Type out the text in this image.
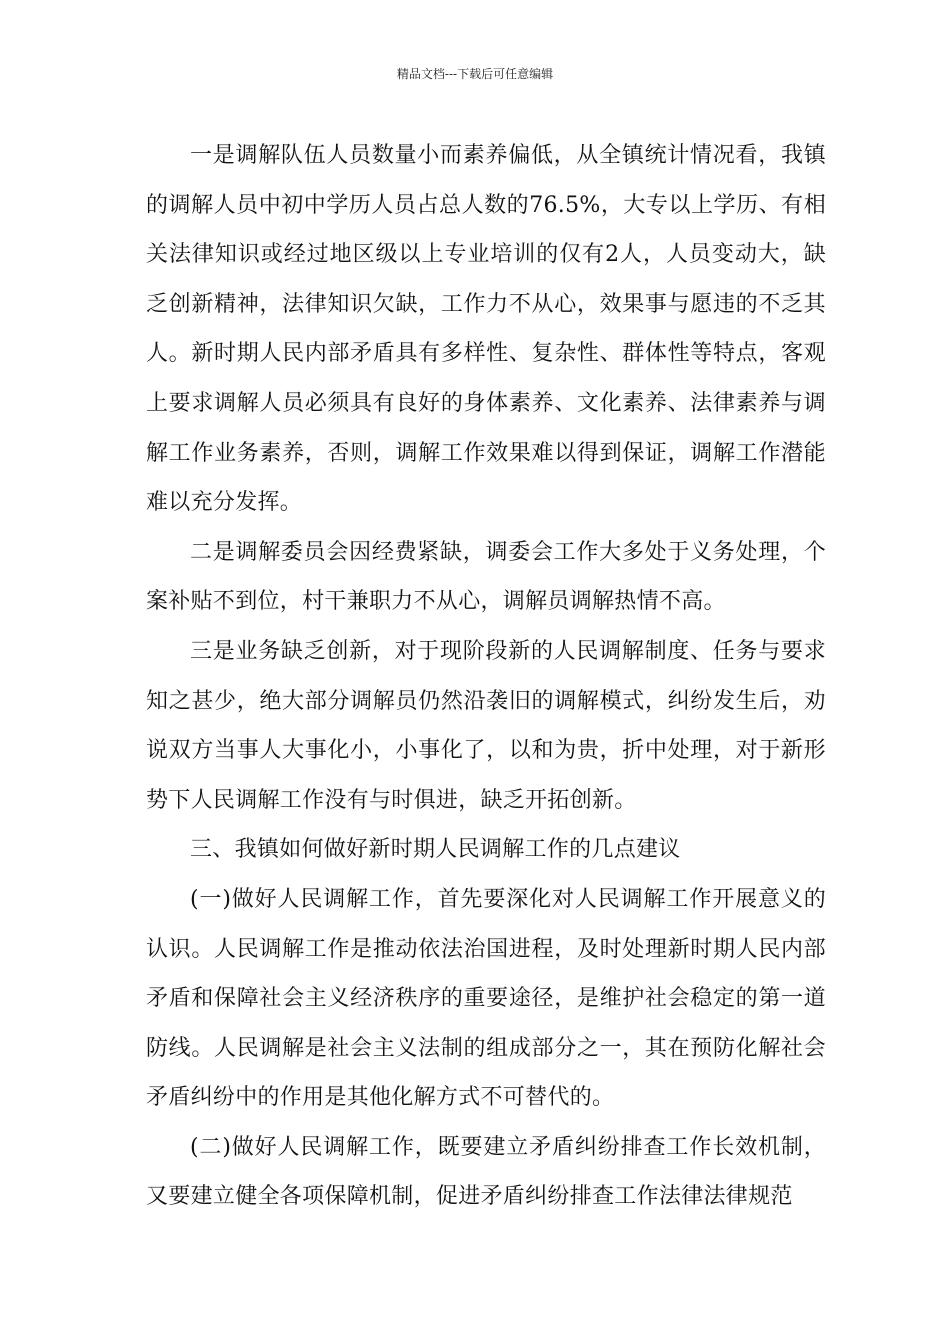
精品文档---下载后可任意编辑

一是调解队伍人员数量小而素养偏低，从全镇统计情况看，我镇的调解人员中初中学历人员占总人数的76.5%，大专以上学历、有相关法律知识或经过地区级以上专业培训的仅有2人，人员变动大，缺乏创新精神，法律知识欠缺，工作力不从心，效果事与愿违的不乏其人。新时期人民内部矛盾具有多样性、复杂性、群体性等特点，客观上要求调解人员必须具有良好的身体素养、文化素养、法律素养与调解工作业务素养，否则，调解工作效果难以得到保证，调解工作潜能难以充分发挥。

二是调解委员会因经费紧缺，调委会工作大多处于义务处理，个案补贴不到位，村干兼职力不从心，调解员调解热情不高。

三是业务缺乏创新，对于现阶段新的人民调解制度、任务与要求知之甚少，绝大部分调解员仍然沿袭旧的调解模式，纠纷发生后，劝说双方当事人大事化小，小事化了，以和为贵，折中处理，对于新形势下人民调解工作没有与时俱进，缺乏开拓创新。

三、我镇如何做好新时期人民调解工作的几点建议

(一)做好人民调解工作，首先要深化对人民调解工作开展意义的认识。人民调解工作是推动依法治国进程，及时处理新时期人民内部矛盾和保障社会主义经济秩序的重要途径，是维护社会稳定的第一道防线。人民调解是社会主义法制的组成部分之一，其在预防化解社会矛盾纠纷中的作用是其他化解方式不可替代的。

(二)做好人民调解工作，既要建立矛盾纠纷排查工作长效机制，又要建立健全各项保障机制，促进矛盾纠纷排查工作法律法律规范
